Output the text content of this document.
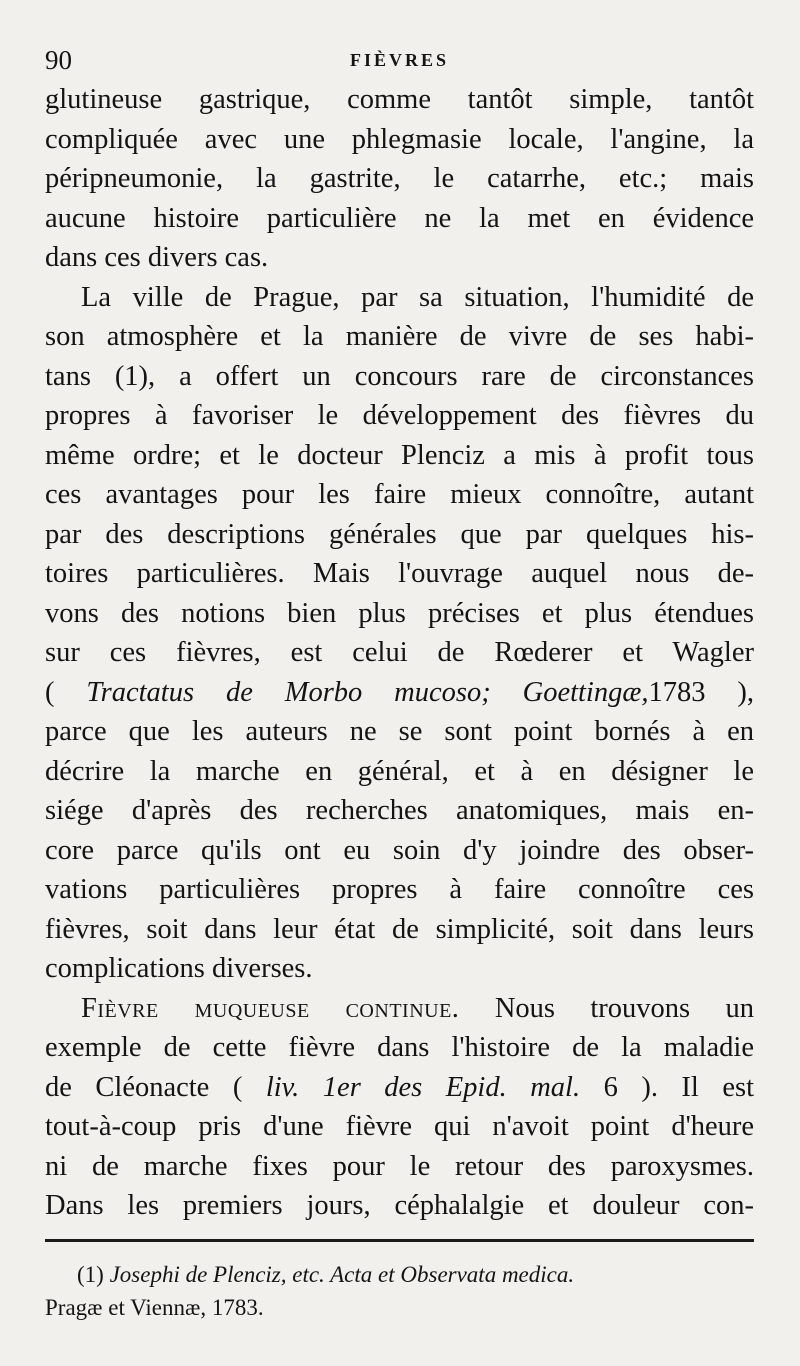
90	FIÈVRES
glutineuse gastrique, comme tantôt simple, tantôt
compliquée avec une phlegmasie locale, l'angine, la
péripneumonie, la gastrite, le catarrhe, etc.; mais
aucune histoire particulière ne la met en évidence
dans ces divers cas.
La ville de Prague, par sa situation, l'humidité de
son atmosphère et la manière de vivre de ses habi-
tans (1), a offert un concours rare de circonstances
propres à favoriser le développement des fièvres du
même ordre; et le docteur Plenciz a mis à profit tous
ces avantages pour les faire mieux connoître, autant
par des descriptions générales que par quelques his-
toires particulières. Mais l'ouvrage auquel nous de-
vons des notions bien plus précises et plus étendues
sur ces fièvres, est celui de Rœderer et Wagler
( Tractatus de Morbo mucoso; Goettingæ,1783 ),
parce que les auteurs ne se sont point bornés à en
décrire la marche en général, et à en désigner le
siége d'après des recherches anatomiques, mais en-
core parce qu'ils ont eu soin d'y joindre des obser-
vations particulières propres à faire connoître ces
fièvres, soit dans leur état de simplicité, soit dans leurs
complications diverses.
Fièvre muqueuse continue. Nous trouvons un
exemple de cette fièvre dans l'histoire de la maladie
de Cléonacte ( liv. 1er des Epid. mal. 6 ). Il est
tout-à-coup pris d'une fièvre qui n'avoit point d'heure
ni de marche fixes pour le retour des paroxysmes.
Dans les premiers jours, céphalalgie et douleur con-
(1) Josephi de Plenciz, etc. Acta et Observata medica.
Pragæ et Viennæ, 1783.
